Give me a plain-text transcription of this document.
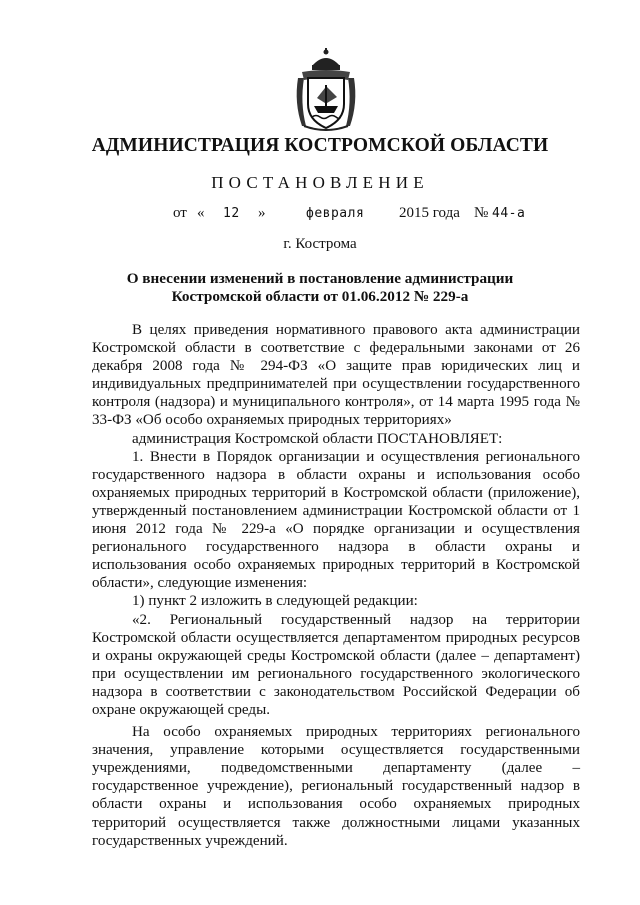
АДМИНИСТРАЦИЯ КОСТРОМСКОЙ ОБЛАСТИ
ПОСТАНОВЛЕНИЕ
от « 12 »	февраля 2015 года № 44-а
г. Кострома
О внесении изменений в постановление администрации
Костромской области от 01.06.2012 № 229-а

В целях приведения нормативного правового акта администрации Костромской области в соответствие с федеральными законами от 26 декабря 2008 года № 294-ФЗ «О защите прав юридических лиц и индивидуальных предпринимателей при осуществлении государственного контроля (надзора) и муниципального контроля», от 14 марта 1995 года № 33-ФЗ «Об особо охраняемых природных территориях»

администрация Костромской области ПОСТАНОВЛЯЕТ:

1. Внести в Порядок организации и осуществления регионального государственного надзора в области охраны и использования особо охраняемых природных территорий в Костромской области (приложение), утвержденный постановлением администрации Костромской области от 1 июня 2012 года № 229-а «О порядке организации и осуществления регионального государственного надзора в области охраны и использования особо охраняемых природных территорий в Костромской области», следующие изменения:

1) пункт 2 изложить в следующей редакции:

«2. Региональный государственный надзор на территории Костромской области осуществляется департаментом природных ресурсов и охраны окружающей среды Костромской области (далее – департамент) при осуществлении им регионального государственного экологического надзора в соответствии с законодательством Российской Федерации об охране окружающей среды.

На особо охраняемых природных территориях регионального значения, управление которыми осуществляется государственными учреждениями, подведомственными департаменту (далее – государственное учреждение), региональный государственный надзор в области охраны и использования особо охраняемых природных территорий осуществляется также должностными лицами указанных государственных учреждений.
